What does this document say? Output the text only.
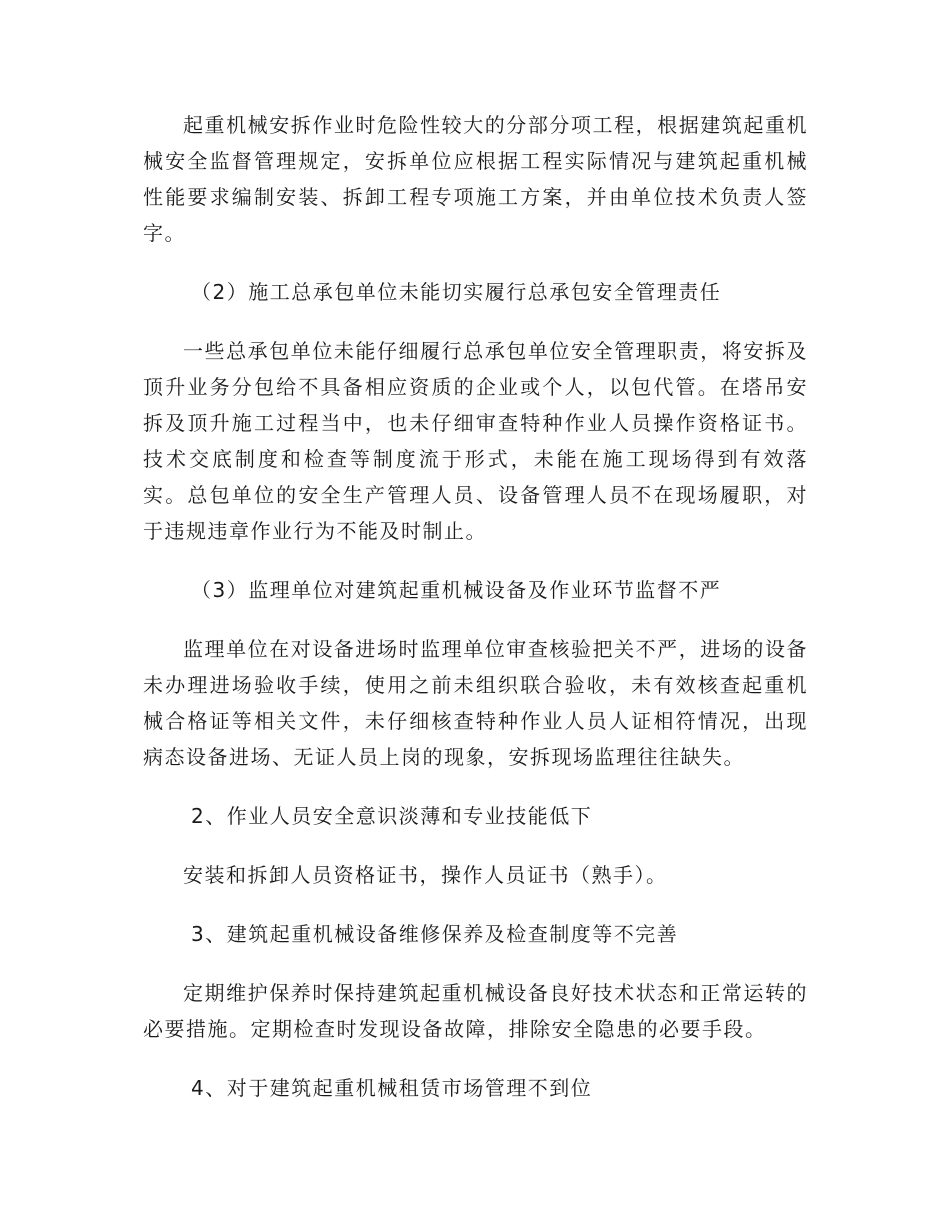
起重机械安拆作业时危险性较大的分部分项工程，根据建筑起重机械安全监督管理规定，安拆单位应根据工程实际情况与建筑起重机械性能要求编制安装、拆卸工程专项施工方案，并由单位技术负责人签字。

（2）施工总承包单位未能切实履行总承包安全管理责任

一些总承包单位未能仔细履行总承包单位安全管理职责，将安拆及顶升业务分包给不具备相应资质的企业或个人，以包代管。在塔吊安拆及顶升施工过程当中，也未仔细审查特种作业人员操作资格证书。技术交底制度和检查等制度流于形式，未能在施工现场得到有效落实。总包单位的安全生产管理人员、设备管理人员不在现场履职，对于违规违章作业行为不能及时制止。

（3）监理单位对建筑起重机械设备及作业环节监督不严

监理单位在对设备进场时监理单位审查核验把关不严，进场的设备未办理进场验收手续，使用之前未组织联合验收，未有效核查起重机械合格证等相关文件，未仔细核查特种作业人员人证相符情况，出现病态设备进场、无证人员上岗的现象，安拆现场监理往往缺失。

2、作业人员安全意识淡薄和专业技能低下

安装和拆卸人员资格证书，操作人员证书（熟手）。

3、建筑起重机械设备维修保养及检查制度等不完善

定期维护保养时保持建筑起重机械设备良好技术状态和正常运转的必要措施。定期检查时发现设备故障，排除安全隐患的必要手段。

4、对于建筑起重机械租赁市场管理不到位
